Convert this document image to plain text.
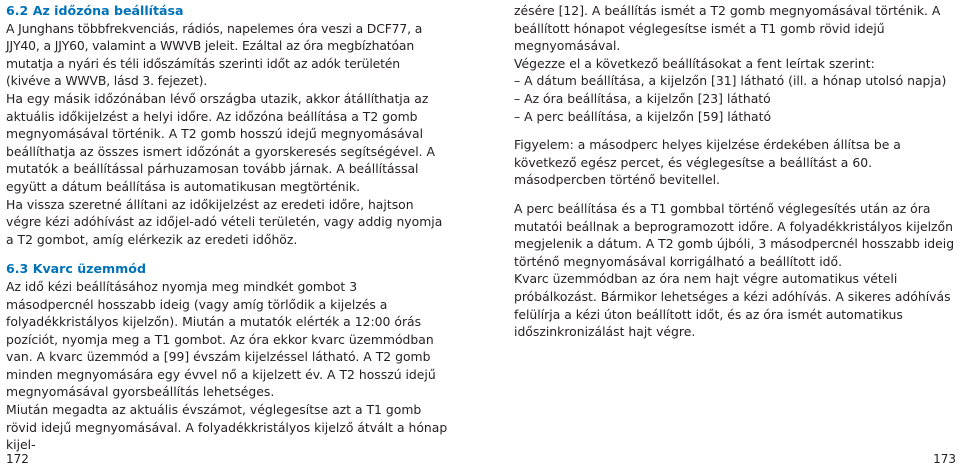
6.2 Az időzóna beállítása

A Junghans többfrekvenciás, rádiós, napelemes óra veszi a DCF77, a JJY40, a JJY60, valamint a WWVB jeleit. Ezáltal az óra megbízhatóan mutatja a nyári és téli időszámítás szerinti időt az adók területén (kivéve a WWVB, lásd 3. fejezet).

Ha egy másik időzónában lévő országba utazik, akkor átállíthatja az aktuális időkijelzést a helyi időre. Az időzóna beállítása a T2 gomb megnyomásával történik. A T2 gomb hosszú idejű megnyomásával beállíthatja az összes ismert időzónát a gyorskeresés segítségével. A mutatók a beállítással párhuzamosan tovább járnak. A beállítással együtt a dátum beállítása is automatikusan megtörténik.

Ha vissza szeretné állítani az időkijelzést az eredeti időre, hajtson végre kézi adóhívást az időjel-adó vételi területén, vagy addig nyomja a T2 gombot, amíg elérkezik az eredeti időhöz.

6.3 Kvarc üzemmód

Az idő kézi beállításához nyomja meg mindkét gombot 3 másodpercnél hosszabb ideig (vagy amíg törlődik a kijelzés a folyadékkristályos kijelzőn). Miután a mutatók elérték a 12:00 órás pozíciót, nyomja meg a T1 gombot. Az óra ekkor kvarc üzemmódban van. A kvarc üzemmód a [99] évszám kijelzéssel látható. A T2 gomb minden megnyomására egy évvel nő a kijelzett év. A T2 hosszú idejű megnyomásával gyorsbeállítás lehetséges.

Miután megadta az aktuális évszámot, véglegesítse azt a T1 gomb rövid idejű megnyomásával. A folyadékkristályos kijelző átvált a hónap kijel-

zésére [12]. A beállítás ismét a T2 gomb megnyomásával történik. A beállított hónapot véglegesítse ismét a T1 gomb rövid idejű megnyomásával.

Végezze el a következő beállításokat a fent leírtak szerint:

– A dátum beállítása, a kijelzőn [31] látható (ill. a hónap utolsó napja)
– Az óra beállítása, a kijelzőn [23] látható
– A perc beállítása, a kijelzőn [59] látható

Figyelem: a másodperc helyes kijelzése érdekében állítsa be a következő egész percet, és véglegesítse a beállítást a 60. másodpercben történő bevitellel.

A perc beállítása és a T1 gombbal történő véglegesítés után az óra mutatói beállnak a beprogramozott időre. A folyadékkristályos kijelzőn megjelenik a dátum. A T2 gomb újbóli, 3 másodpercnél hosszabb ideig történő megnyomásával korrigálható a beállított idő.

Kvarc üzemmódban az óra nem hajt végre automatikus vételi próbálkozást. Bármikor lehetséges a kézi adóhívás. A sikeres adóhívás felülírja a kézi úton beállított időt, és az óra ismét automatikus időszinkronizálást hajt végre.

172	173
